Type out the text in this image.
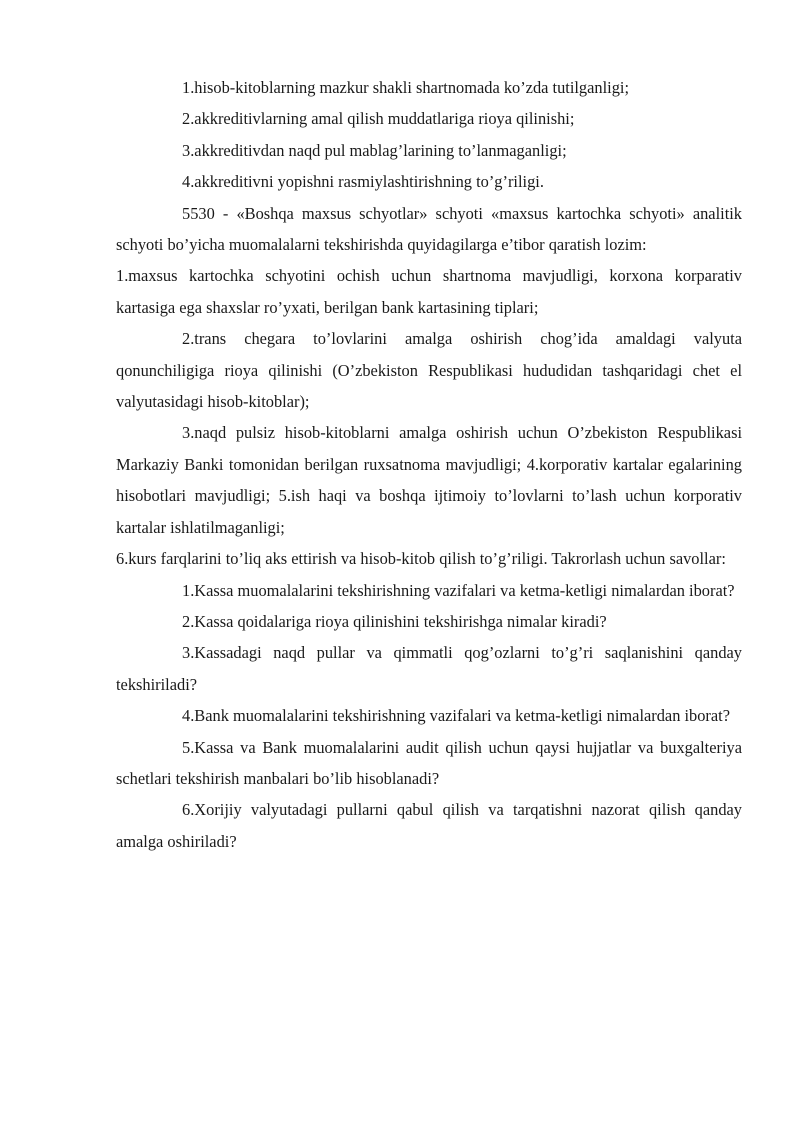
1.hisob-kitoblarning mazkur shakli shartnomada ko’zda tutilganligi;

2.akkreditivlarning amal qilish muddatlariga rioya qilinishi;

3.akkreditivdan naqd pul mablag’larining to’lanmaganligi;

4.akkreditivni yopishni rasmiylashtirishning to’g’riligi.

5530 - «Boshqa maxsus schyotlar» schyoti «maxsus kartochka schyoti» analitik schyoti bo’yicha muomalalarni tekshirishda quyidagilarga e’tibor qaratish lozim:

1.maxsus kartochka schyotini ochish uchun shartnoma mavjudligi, korxona korparativ kartasiga ega shaxslar ro’yxati, berilgan bank kartasining tiplari;

2.trans chegara to’lovlarini amalga oshirish chog’ida amaldagi valyuta qonunchiligiga rioya qilinishi (O’zbekiston Respublikasi hududidan tashqaridagi chet el valyutasidagi hisob-kitoblar);

3.naqd pulsiz hisob-kitoblarni amalga oshirish uchun O’zbekiston Respublikasi Markaziy Banki tomonidan berilgan ruxsatnoma mavjudligi; 4.korporativ kartalar egalarining hisobotlari mavjudligi; 5.ish haqi va boshqa ijtimoiy to’lovlarni to’lash uchun korporativ kartalar ishlatilmaganligi;

6.kurs farqlarini to’liq aks ettirish va hisob-kitob qilish to’g’riligi. Takrorlash uchun savollar:

1.Kassa muomalalarini tekshirishning vazifalari va ketma-ketligi nimalardan iborat?

2.Kassa qoidalariga rioya qilinishini tekshirishga nimalar kiradi?

3.Kassadagi naqd pullar va qimmatli qog’ozlarni to’g’ri saqlanishini qanday tekshiriladi?

4.Bank muomalalarini tekshirishning vazifalari va ketma-ketligi nimalardan iborat?

5.Kassa va Bank muomalalarini audit qilish uchun qaysi hujjatlar va buxgalteriya schetlari tekshirish manbalari bo’lib hisoblanadi?

6.Xorijiy valyutadagi pullarni qabul qilish va tarqatishni nazorat qilish qanday amalga oshiriladi?
